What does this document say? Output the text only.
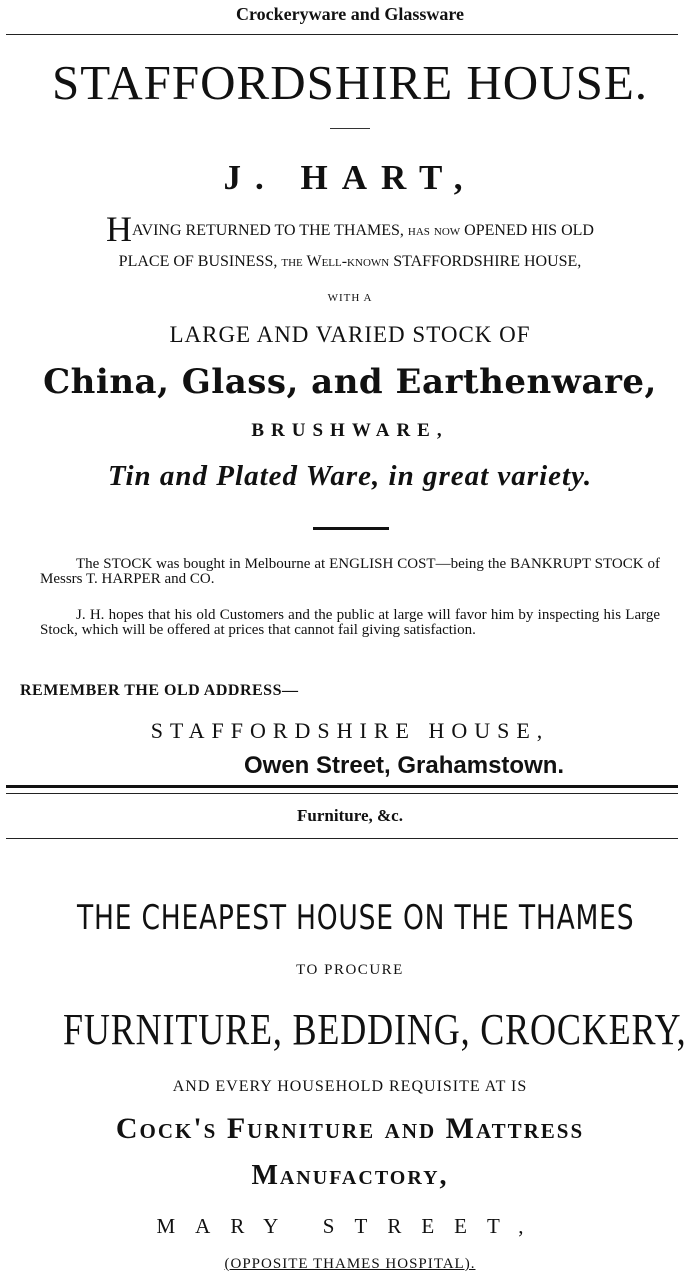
Crockeryware and Glassware
STAFFORDSHIRE HOUSE.
J. HART,
HAVING RETURNED TO THE THAMES, has now OPENED HIS OLD
PLACE OF BUSINESS, the Well-known STAFFORDSHIRE HOUSE,
WITH A
LARGE AND VARIED STOCK OF
China, Glass, and Earthenware,
BRUSHWARE,
Tin and Plated Ware, in great variety.
The STOCK was bought in Melbourne at ENGLISH COST—being the BANKRUPT STOCK of Messrs T. HARPER and CO.
J. H. hopes that his old Customers and the public at large will favor him by inspecting his Large Stock, which will be offered at prices that cannot fail giving satisfaction.
REMEMBER THE OLD ADDRESS—
STAFFORDSHIRE HOUSE,
Owen Street, Grahamstown.
Furniture, &c.
THE CHEAPEST HOUSE ON THE THAMES
TO PROCURE
FURNITURE, BEDDING, CROCKERY,
AND EVERY HOUSEHOLD REQUISITE AT IS
Cock's Furniture and Mattress
Manufactory,
MARY STREET,
(OPPOSITE THAMES HOSPITAL).
